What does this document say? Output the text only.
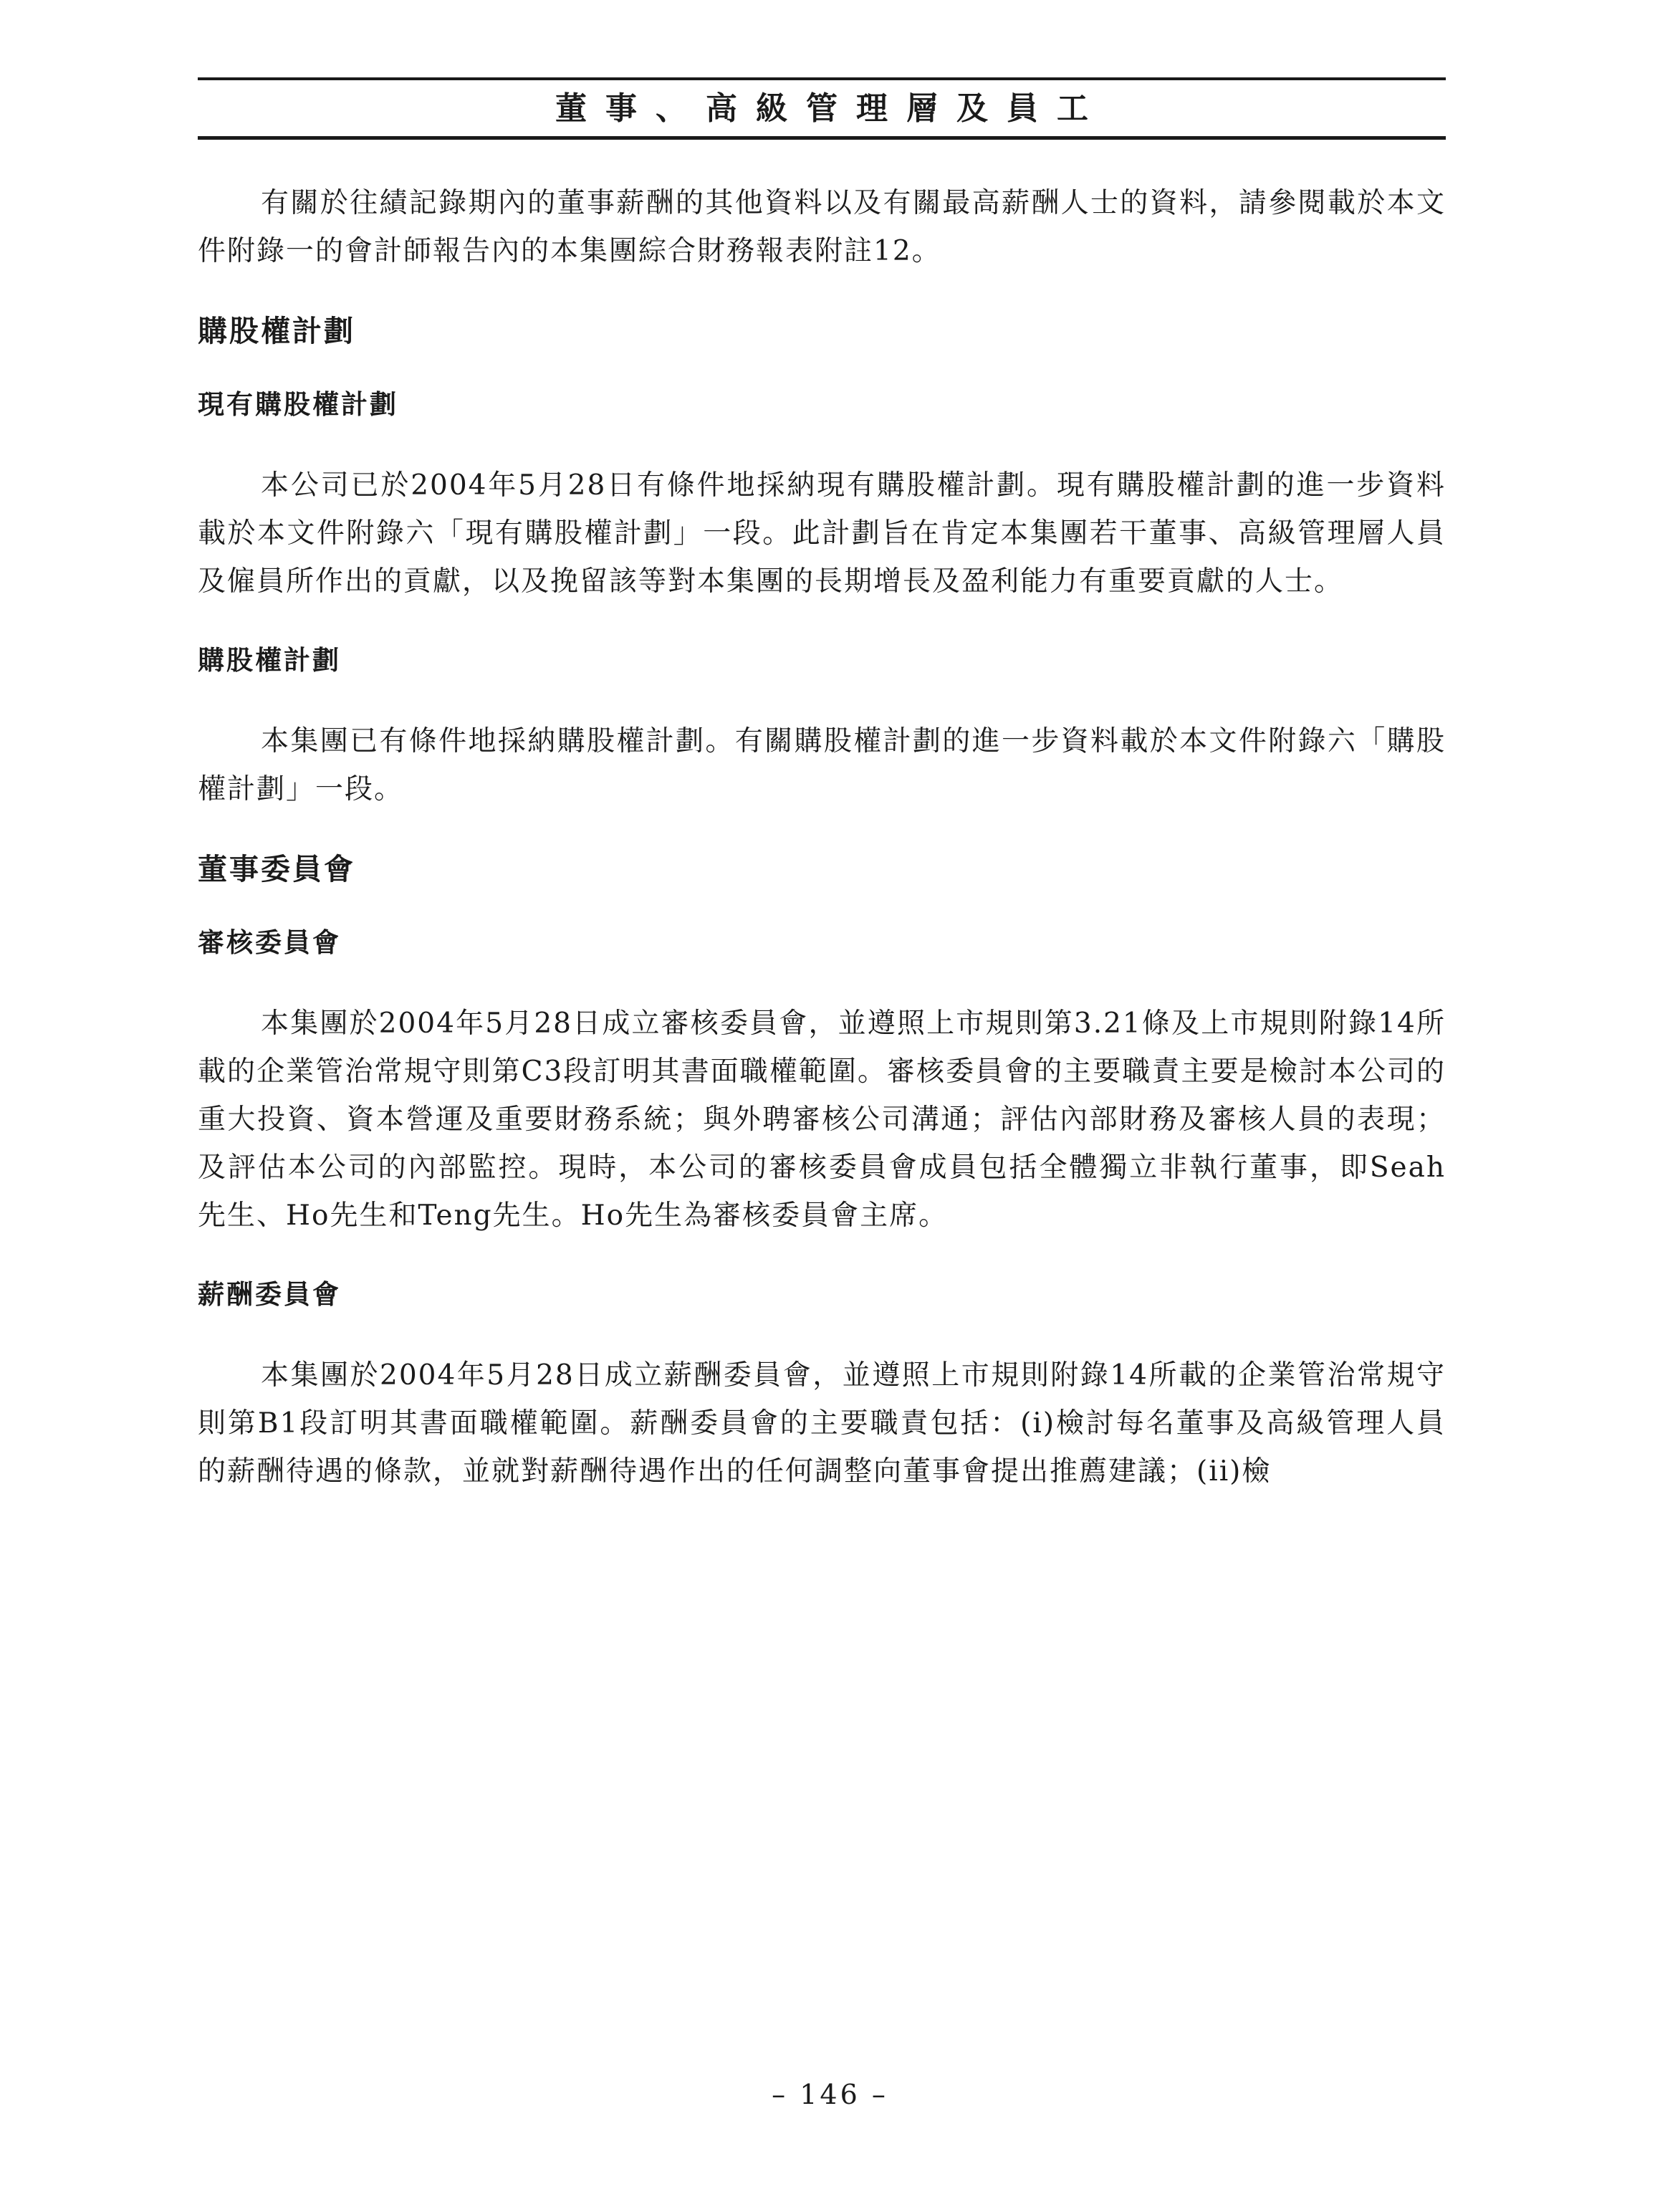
董事、高級管理層及員工

有關於往績記錄期內的董事薪酬的其他資料以及有關最高薪酬人士的資料，請參閱載於本文件附錄一的會計師報告內的本集團綜合財務報表附註12。

購股權計劃
現有購股權計劃

本公司已於2004年5月28日有條件地採納現有購股權計劃。現有購股權計劃的進一步資料載於本文件附錄六「現有購股權計劃」一段。此計劃旨在肯定本集團若干董事、高級管理層人員及僱員所作出的貢獻，以及挽留該等對本集團的長期增長及盈利能力有重要貢獻的人士。

購股權計劃

本集團已有條件地採納購股權計劃。有關購股權計劃的進一步資料載於本文件附錄六「購股權計劃」一段。

董事委員會
審核委員會

本集團於2004年5月28日成立審核委員會，並遵照上市規則第3.21條及上市規則附錄14所載的企業管治常規守則第C3段訂明其書面職權範圍。審核委員會的主要職責主要是檢討本公司的重大投資、資本營運及重要財務系統；與外聘審核公司溝通；評估內部財務及審核人員的表現；及評估本公司的內部監控。現時，本公司的審核委員會成員包括全體獨立非執行董事，即Seah先生、Ho先生和Teng先生。Ho先生為審核委員會主席。

薪酬委員會

本集團於2004年5月28日成立薪酬委員會，並遵照上市規則附錄14所載的企業管治常規守則第B1段訂明其書面職權範圍。薪酬委員會的主要職責包括：(i)檢討每名董事及高級管理人員的薪酬待遇的條款，並就對薪酬待遇作出的任何調整向董事會提出推薦建議；(ii)檢

– 146 –
